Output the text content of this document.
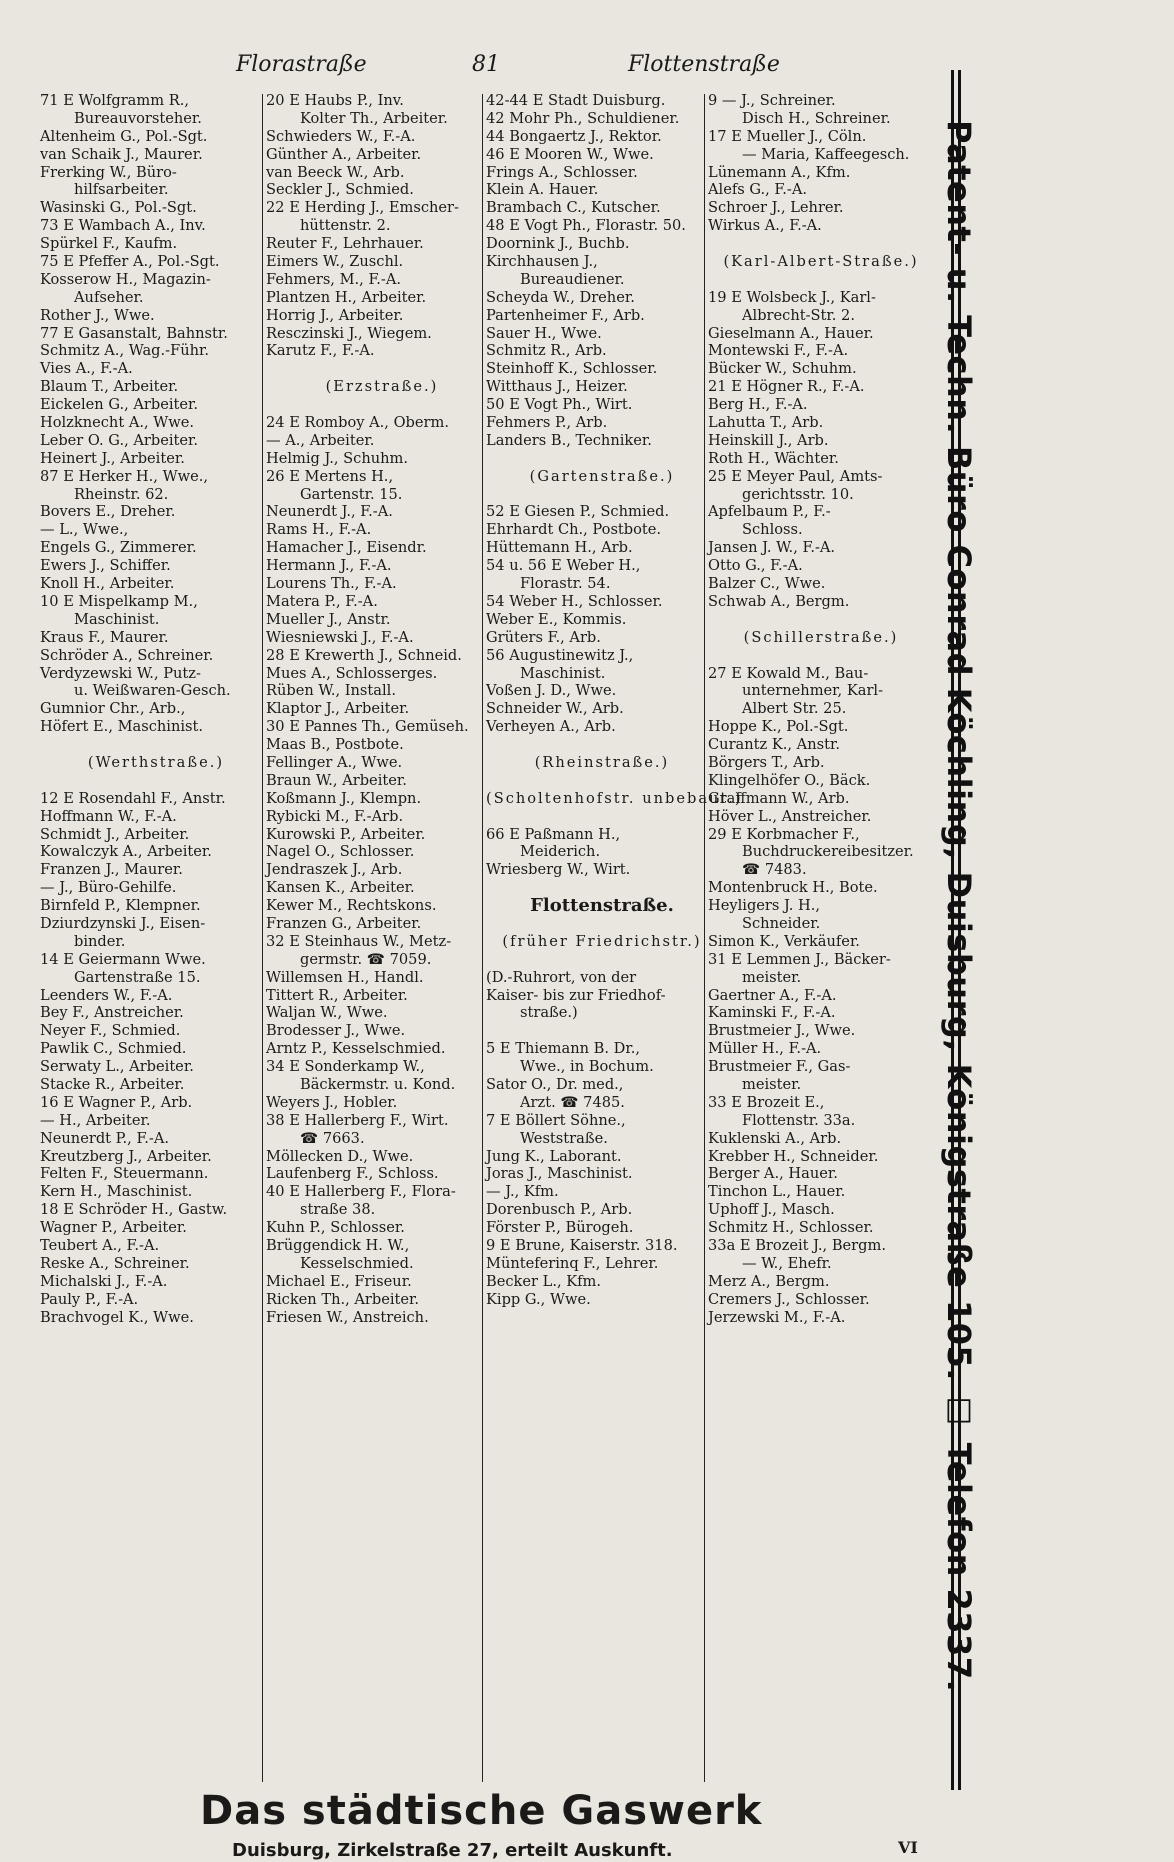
Florastraße	81	Flottenstraße
71 E Wolfgramm R.,
Bureauvorsteher.
Altenheim G., Pol.-Sgt.
van Schaik J., Maurer.
Frerking W., Büro-
hilfsarbeiter.
Wasinski G., Pol.-Sgt.
73 E Wambach A., Inv.
Spürkel F., Kaufm.
75 E Pfeffer A., Pol.-Sgt.
Kosserow H., Magazin-
Aufseher.
Rother J., Wwe.
77 E Gasanstalt, Bahnstr.
Schmitz A., Wag.-Führ.
Vies A., F.-A.
Blaum T., Arbeiter.
Eickelen G., Arbeiter.
Holzknecht A., Wwe.
Leber O. G., Arbeiter.
Heinert J., Arbeiter.
87 E Herker H., Wwe.,
Rheinstr. 62.
Bovers E., Dreher.
— L., Wwe.,
Engels G., Zimmerer.
Ewers J., Schiffer.
Knoll H., Arbeiter.
10 E Mispelkamp M.,
Maschinist.
Kraus F., Maurer.
Schröder A., Schreiner.
Verdyzewski W., Putz-
u. Weißwaren-Gesch.
Gumnior Chr., Arb.,
Höfert E., Maschinist.
(Werthstraße.)
12 E Rosendahl F., Anstr.
Hoffmann W., F.-A.
Schmidt J., Arbeiter.
Kowalczyk A., Arbeiter.
Franzen J., Maurer.
— J., Büro-Gehilfe.
Birnfeld P., Klempner.
Dziurdzynski J., Eisen-
binder.
14 E Geiermann Wwe.
Gartenstraße 15.
Leenders W., F.-A.
Bey F., Anstreicher.
Neyer F., Schmied.
Pawlik C., Schmied.
Serwaty L., Arbeiter.
Stacke R., Arbeiter.
16 E Wagner P., Arb.
— H., Arbeiter.
Neunerdt P., F.-A.
Kreutzberg J., Arbeiter.
Felten F., Steuermann.
Kern H., Maschinist.
18 E Schröder H., Gastw.
Wagner P., Arbeiter.
Teubert A., F.-A.
Reske A., Schreiner.
Michalski J., F.-A.
Pauly P., F.-A.
Brachvogel K., Wwe.
20 E Haubs P., Inv.
Kolter Th., Arbeiter.
Schwieders W., F.-A.
Günther A., Arbeiter.
van Beeck W., Arb.
Seckler J., Schmied.
22 E Herding J., Emscher-
hüttenstr. 2.
Reuter F., Lehrhauer.
Eimers W., Zuschl.
Fehmers, M., F.-A.
Plantzen H., Arbeiter.
Horrig J., Arbeiter.
Resczinski J., Wiegem.
Karutz F., F.-A.
(Erzstraße.)
24 E Romboy A., Oberm.
— A., Arbeiter.
Helmig J., Schuhm.
26 E Mertens H.,
Gartenstr. 15.
Neunerdt J., F.-A.
Rams H., F.-A.
Hamacher J., Eisendr.
Hermann J., F.-A.
Lourens Th., F.-A.
Matera P., F.-A.
Mueller J., Anstr.
Wiesniewski J., F.-A.
28 E Krewerth J., Schneid.
Mues A., Schlosserges.
Rüben W., Install.
Klaptor J., Arbeiter.
30 E Pannes Th., Gemüseh.
Maas B., Postbote.
Fellinger A., Wwe.
Braun W., Arbeiter.
Koßmann J., Klempn.
Rybicki M., F.-Arb.
Kurowski P., Arbeiter.
Nagel O., Schlosser.
Jendraszek J., Arb.
Kansen K., Arbeiter.
Kewer M., Rechtskons.
Franzen G., Arbeiter.
32 E Steinhaus W., Metz-
germstr. ☎ 7059.
Willemsen H., Handl.
Tittert R., Arbeiter.
Waljan W., Wwe.
Brodesser J., Wwe.
Arntz P., Kesselschmied.
34 E Sonderkamp W.,
Bäckermstr. u. Kond.
Weyers J., Hobler.
38 E Hallerberg F., Wirt.
☎ 7663.
Möllecken D., Wwe.
Laufenberg F., Schloss.
40 E Hallerberg F., Flora-
straße 38.
Kuhn P., Schlosser.
Brüggendick H. W.,
Kesselschmied.
Michael E., Friseur.
Ricken Th., Arbeiter.
Friesen W., Anstreich.
42-44 E Stadt Duisburg.
42 Mohr Ph., Schuldiener.
44 Bongaertz J., Rektor.
46 E Mooren W., Wwe.
Frings A., Schlosser.
Klein A. Hauer.
Brambach C., Kutscher.
48 E Vogt Ph., Florastr. 50.
Doornink J., Buchb.
Kirchhausen J.,
Bureaudiener.
Scheyda W., Dreher.
Partenheimer F., Arb.
Sauer H., Wwe.
Schmitz R., Arb.
Steinhoff K., Schlosser.
Witthaus J., Heizer.
50 E Vogt Ph., Wirt.
Fehmers P., Arb.
Landers B., Techniker.
(Gartenstraße.)
52 E Giesen P., Schmied.
Ehrhardt Ch., Postbote.
Hüttemann H., Arb.
54 u. 56 E Weber H.,
Florastr. 54.
54 Weber H., Schlosser.
Weber E., Kommis.
Grüters F., Arb.
56 Augustinewitz J.,
Maschinist.
Voßen J. D., Wwe.
Schneider W., Arb.
Verheyen A., Arb.
(Rheinstraße.)
(Scholtenhofstr. unbebaut.)
66 E Paßmann H.,
Meiderich.
Wriesberg W., Wirt.
Flottenstraße.
(früher Friedrichstr.)
(D.-Ruhrort, von der
Kaiser- bis zur Friedhof-
straße.)
5 E Thiemann B. Dr.,
Wwe., in Bochum.
Sator O., Dr. med.,
Arzt. ☎ 7485.
7 E Böllert Söhne.,
Weststraße.
Jung K., Laborant.
Joras J., Maschinist.
— J., Kfm.
Dorenbusch P., Arb.
Förster P., Bürogeh.
9 E Brune, Kaiserstr. 318.
Münteferinq F., Lehrer.
Becker L., Kfm.
Kipp G., Wwe.
9 — J., Schreiner.
Disch H., Schreiner.
17 E Mueller J., Cöln.
— Maria, Kaffeegesch.
Lünemann A., Kfm.
Alefs G., F.-A.
Schroer J., Lehrer.
Wirkus A., F.-A.
(Karl-Albert-Straße.)
19 E Wolsbeck J., Karl-
Albrecht-Str. 2.
Gieselmann A., Hauer.
Montewski F., F.-A.
Bücker W., Schuhm.
21 E Högner R., F.-A.
Berg H., F.-A.
Lahutta T., Arb.
Heinskill J., Arb.
Roth H., Wächter.
25 E Meyer Paul, Amts-
gerichtsstr. 10.
Apfelbaum P., F.-
Schloss.
Jansen J. W., F.-A.
Otto G., F.-A.
Balzer C., Wwe.
Schwab A., Bergm.
(Schillerstraße.)
27 E Kowald M., Bau-
unternehmer, Karl-
Albert Str. 25.
Hoppe K., Pol.-Sgt.
Curantz K., Anstr.
Börgers T., Arb.
Klingelhöfer O., Bäck.
Graffmann W., Arb.
Höver L., Anstreicher.
29 E Korbmacher F.,
Buchdruckereibesitzer.
☎ 7483.
Montenbruck H., Bote.
Heyligers J. H.,
Schneider.
Simon K., Verkäufer.
31 E Lemmen J., Bäcker-
meister.
Gaertner A., F.-A.
Kaminski F., F.-A.
Brustmeier J., Wwe.
Müller H., F.-A.
Brustmeier F., Gas-
meister.
33 E Brozeit E.,
Flottenstr. 33a.
Kuklenski A., Arb.
Krebber H., Schneider.
Berger A., Hauer.
Tinchon L., Hauer.
Uphoff J., Masch.
Schmitz H., Schlosser.
33a E Brozeit J., Bergm.
— W., Ehefr.
Merz A., Bergm.
Cremers J., Schlosser.
Jerzewski M., F.-A.	Patent- u. Techn. Büro Conrad Köchling, Duisburg, Königstraße 105. ☐ Telefon 2337.
Das städtische Gaswerk
Duisburg, Zirkelstraße 27, erteilt Auskunft.	VI
